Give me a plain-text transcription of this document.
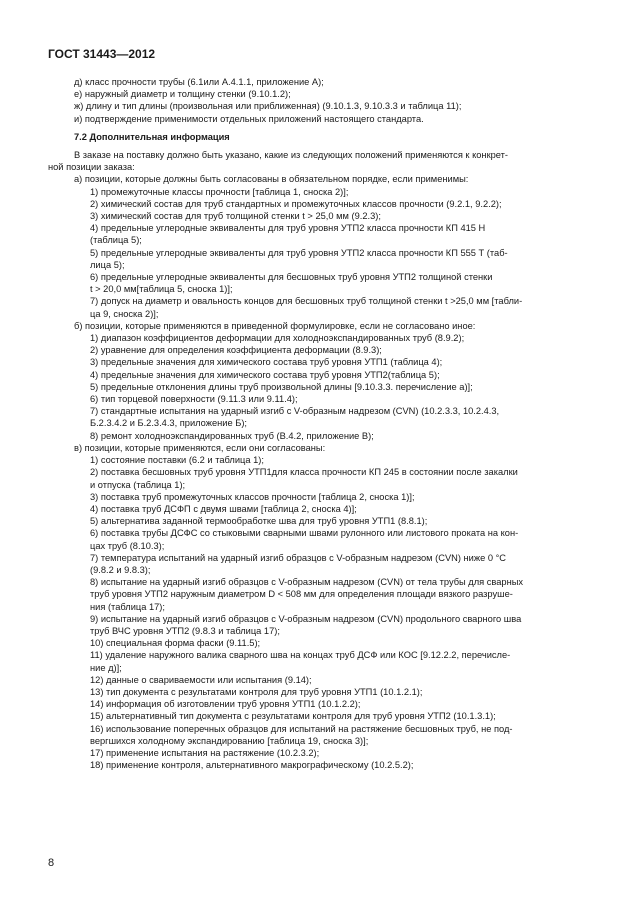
ГОСТ 31443—2012
д) класс прочности трубы (6.1или А.4.1.1, приложение А);
е) наружный диаметр и толщину стенки (9.10.1.2);
ж) длину и тип длины (произвольная или приближенная) (9.10.1.3, 9.10.3.3 и таблица 11);
и) подтверждение применимости отдельных приложений настоящего стандарта.
7.2 Дополнительная информация
В заказе на поставку должно быть указано, какие из следующих положений применяются к конкрет-
ной позиции заказа:
а) позиции, которые должны быть согласованы в обязательном порядке, если применимы:
1) промежуточные классы прочности [таблица 1, сноска 2)];
2) химический состав для труб стандартных и промежуточных классов прочности (9.2.1, 9.2.2);
3) химический состав для труб толщиной стенки t > 25,0 мм (9.2.3);
4) предельные углеродные эквиваленты для труб уровня УТП2 класса прочности КП 415 Н
(таблица 5);
5) предельные углеродные эквиваленты для труб уровня УТП2 класса прочности КП 555 Т (таб-
лица 5);
6) предельные углеродные эквиваленты для бесшовных труб уровня УТП2 толщиной стенки
t > 20,0 мм[таблица 5, сноска 1)];
7) допуск на диаметр и овальность концов для бесшовных труб толщиной стенки t >25,0 мм [табли-
ца 9, сноска 2)];
б) позиции, которые применяются в приведенной формулировке, если не согласовано иное:
1) диапазон коэффициентов деформации для холодноэкспандированных труб (8.9.2);
2) уравнение для определения коэффициента деформации (8.9.3);
3) предельные значения для химического состава труб уровня УТП1 (таблица 4);
4) предельные значения для химического состава труб уровня УТП2(таблица 5);
5) предельные отклонения длины труб произвольной длины [9.10.3.3. перечисление а)];
6) тип торцевой поверхности (9.11.3 или 9.11.4);
7) стандартные испытания на ударный изгиб с V-образным надрезом (CVN) (10.2.3.3, 10.2.4.3,
Б.2.3.4.2 и Б.2.3.4.3, приложение Б);
8) ремонт холодноэкспандированных труб (В.4.2, приложение В);
в) позиции, которые применяются, если они согласованы:
1) состояние поставки (6.2 и таблица 1);
2) поставка бесшовных труб уровня УТП1для класса прочности КП 245 в состоянии после закалки
и отпуска (таблица 1);
3) поставка труб промежуточных классов прочности [таблица 2, сноска 1)];
4) поставка труб ДСФП с двумя швами [таблица 2, сноска 4)];
5) альтернатива заданной термообработке шва для труб уровня УТП1 (8.8.1);
6) поставка трубы ДСФС со стыковыми сварными швами рулонного или листового проката на кон-
цах труб (8.10.3);
7) температура испытаний на ударный изгиб образцов с V-образным надрезом (CVN) ниже 0 °С
(9.8.2 и 9.8.3);
8) испытание на ударный изгиб образцов с V-образным надрезом (CVN) от тела трубы для сварных
труб уровня УТП2 наружным диаметром D < 508 мм для определения площади вязкого разруше-
ния (таблица 17);
9) испытание на ударный изгиб образцов с V-образным надрезом (CVN) продольного сварного шва
труб ВЧС уровня УТП2 (9.8.3 и таблица 17);
10) специальная форма фаски (9.11.5);
11) удаление наружного валика сварного шва на концах труб ДСФ или КОС [9.12.2.2, перечисле-
ние д)];
12) данные о свариваемости или испытания (9.14);
13) тип документа с результатами контроля для труб уровня УТП1 (10.1.2.1);
14) информация об изготовлении труб уровня УТП1 (10.1.2.2);
15) альтернативный тип документа с результатами контроля для труб уровня УТП2 (10.1.3.1);
16) использование поперечных образцов для испытаний на растяжение бесшовных труб, не под-
вергшихся холодному экспандированию [таблица 19, сноска 3)];
17) применение испытания на растяжение (10.2.3.2);
18) применение контроля, альтернативного макрографическому (10.2.5.2);
8
